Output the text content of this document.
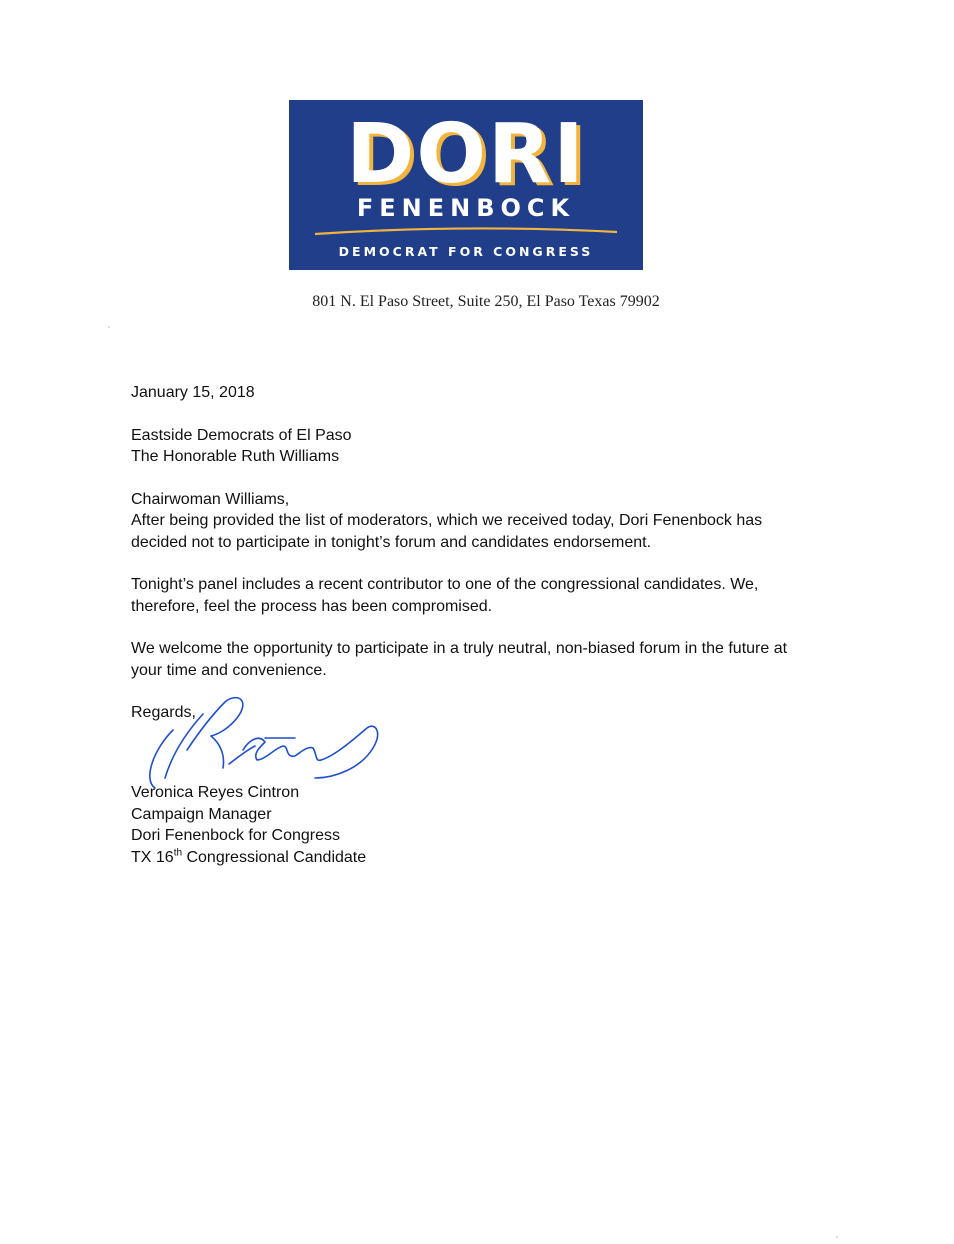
DORI
FENENBOCK
DEMOCRAT FOR CONGRESS
801 N. El Paso Street, Suite 250, El Paso Texas 79902

January 15, 2018

Eastside Democrats of El Paso

The Honorable Ruth Williams

Chairwoman Williams,

After being provided the list of moderators, which we received today, Dori Fenenbock has decided not to participate in tonight’s forum and candidates endorsement.

Tonight’s panel includes a recent contributor to one of the congressional candidates. We, therefore, feel the process has been compromised.

We welcome the opportunity to participate in a truly neutral, non-biased forum in the future at your time and convenience.

Regards,

Veronica Reyes Cintron

Campaign Manager

Dori Fenenbock for Congress

TX 16th Congressional Candidate
